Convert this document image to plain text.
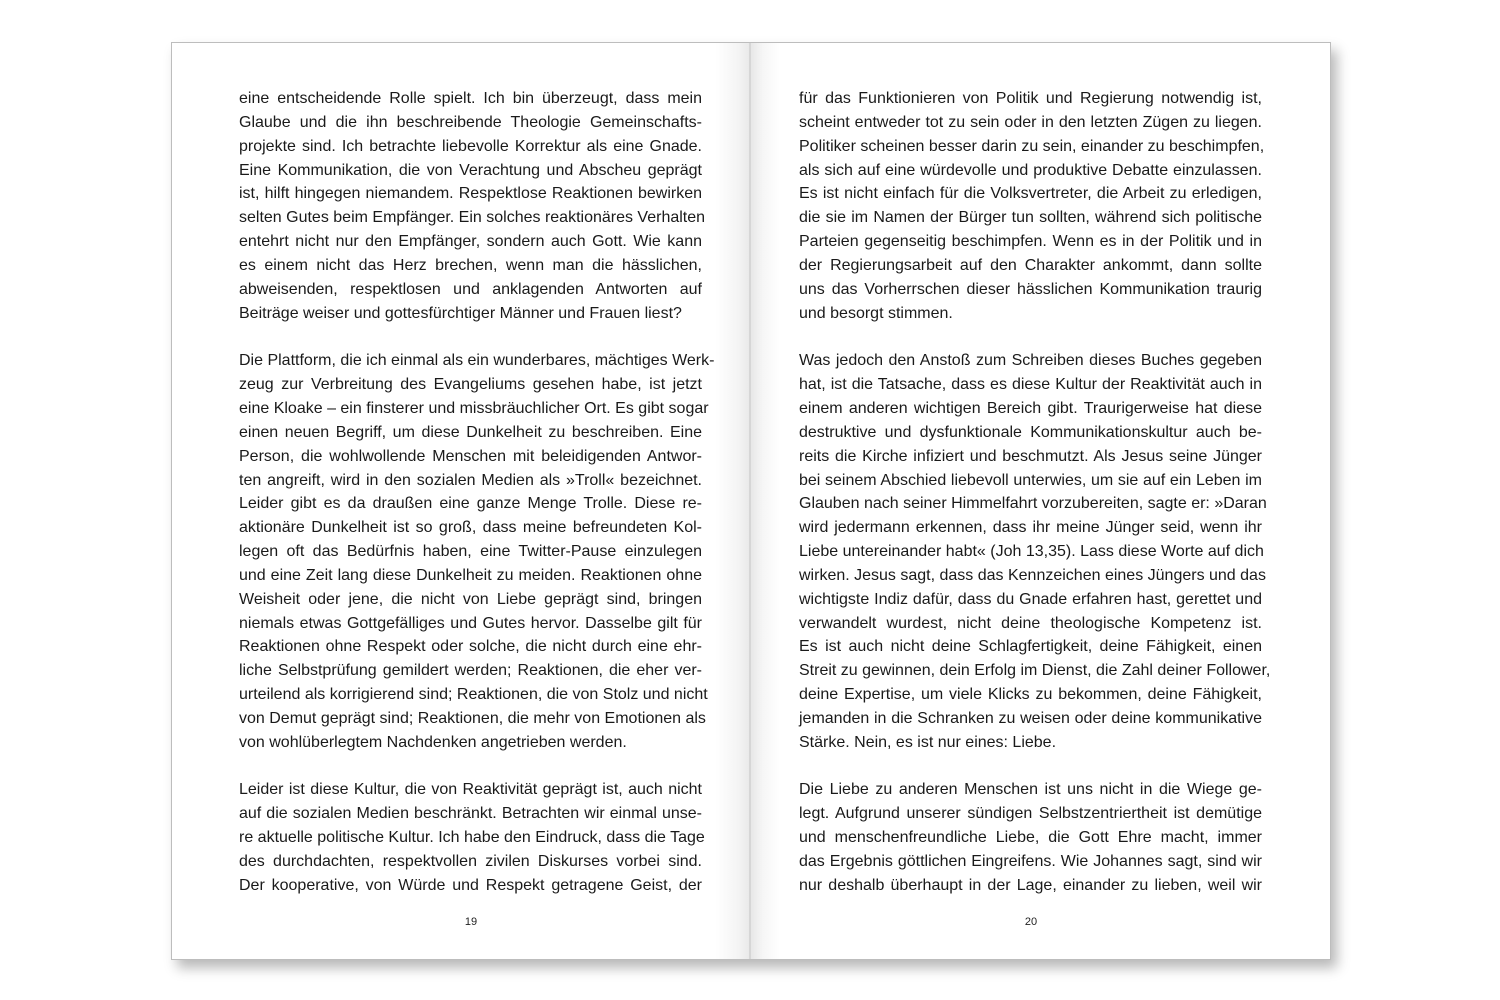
eine entscheidende Rolle spielt. Ich bin überzeugt, dass mein
Glaube und die ihn beschreibende Theologie Gemeinschafts-
projekte sind. Ich betrachte liebevolle Korrektur als eine Gnade.
Eine Kommunikation, die von Verachtung und Abscheu geprägt
ist, hilft hingegen niemandem. Respektlose Reaktionen bewirken
selten Gutes beim Empfänger. Ein solches reaktionäres Verhalten
entehrt nicht nur den Empfänger, sondern auch Gott. Wie kann
es einem nicht das Herz brechen, wenn man die hässlichen,
abweisenden, respektlosen und anklagenden Antworten auf
Beiträge weiser und gottesfürchtiger Männer und Frauen liest?
Die Plattform, die ich einmal als ein wunderbares, mächtiges Werk-
zeug zur Verbreitung des Evangeliums gesehen habe, ist jetzt
eine Kloake – ein finsterer und missbräuchlicher Ort. Es gibt sogar
einen neuen Begriff, um diese Dunkelheit zu beschreiben. Eine
Person, die wohlwollende Menschen mit beleidigenden Antwor-
ten angreift, wird in den sozialen Medien als »Troll« bezeichnet.
Leider gibt es da draußen eine ganze Menge Trolle. Diese re-
aktionäre Dunkelheit ist so groß, dass meine befreundeten Kol-
legen oft das Bedürfnis haben, eine Twitter-Pause einzulegen
und eine Zeit lang diese Dunkelheit zu meiden. Reaktionen ohne
Weisheit oder jene, die nicht von Liebe geprägt sind, bringen
niemals etwas Gottgefälliges und Gutes hervor. Dasselbe gilt für
Reaktionen ohne Respekt oder solche, die nicht durch eine ehr-
liche Selbstprüfung gemildert werden; Reaktionen, die eher ver-
urteilend als korrigierend sind; Reaktionen, die von Stolz und nicht
von Demut geprägt sind; Reaktionen, die mehr von Emotionen als
von wohlüberlegtem Nachdenken angetrieben werden.
Leider ist diese Kultur, die von Reaktivität geprägt ist, auch nicht
auf die sozialen Medien beschränkt. Betrachten wir einmal unse-
re aktuelle politische Kultur. Ich habe den Eindruck, dass die Tage
des durchdachten, respektvollen zivilen Diskurses vorbei sind.
Der kooperative, von Würde und Respekt getragene Geist, der
19
für das Funktionieren von Politik und Regierung notwendig ist,
scheint entweder tot zu sein oder in den letzten Zügen zu liegen.
Politiker scheinen besser darin zu sein, einander zu beschimpfen,
als sich auf eine würdevolle und produktive Debatte einzulassen.
Es ist nicht einfach für die Volksvertreter, die Arbeit zu erledigen,
die sie im Namen der Bürger tun sollten, während sich politische
Parteien gegenseitig beschimpfen. Wenn es in der Politik und in
der Regierungsarbeit auf den Charakter ankommt, dann sollte
uns das Vorherrschen dieser hässlichen Kommunikation traurig
und besorgt stimmen.
Was jedoch den Anstoß zum Schreiben dieses Buches gegeben
hat, ist die Tatsache, dass es diese Kultur der Reaktivität auch in
einem anderen wichtigen Bereich gibt. Traurigerweise hat diese
destruktive und dysfunktionale Kommunikationskultur auch be-
reits die Kirche infiziert und beschmutzt. Als Jesus seine Jünger
bei seinem Abschied liebevoll unterwies, um sie auf ein Leben im
Glauben nach seiner Himmelfahrt vorzubereiten, sagte er: »Daran
wird jedermann erkennen, dass ihr meine Jünger seid, wenn ihr
Liebe untereinander habt« (Joh 13,35). Lass diese Worte auf dich
wirken. Jesus sagt, dass das Kennzeichen eines Jüngers und das
wichtigste Indiz dafür, dass du Gnade erfahren hast, gerettet und
verwandelt wurdest, nicht deine theologische Kompetenz ist.
Es ist auch nicht deine Schlagfertigkeit, deine Fähigkeit, einen
Streit zu gewinnen, dein Erfolg im Dienst, die Zahl deiner Follower,
deine Expertise, um viele Klicks zu bekommen, deine Fähigkeit,
jemanden in die Schranken zu weisen oder deine kommunikative
Stärke. Nein, es ist nur eines: Liebe.
Die Liebe zu anderen Menschen ist uns nicht in die Wiege ge-
legt. Aufgrund unserer sündigen Selbstzentriertheit ist demütige
und menschenfreundliche Liebe, die Gott Ehre macht, immer
das Ergebnis göttlichen Eingreifens. Wie Johannes sagt, sind wir
nur deshalb überhaupt in der Lage, einander zu lieben, weil wir
20
